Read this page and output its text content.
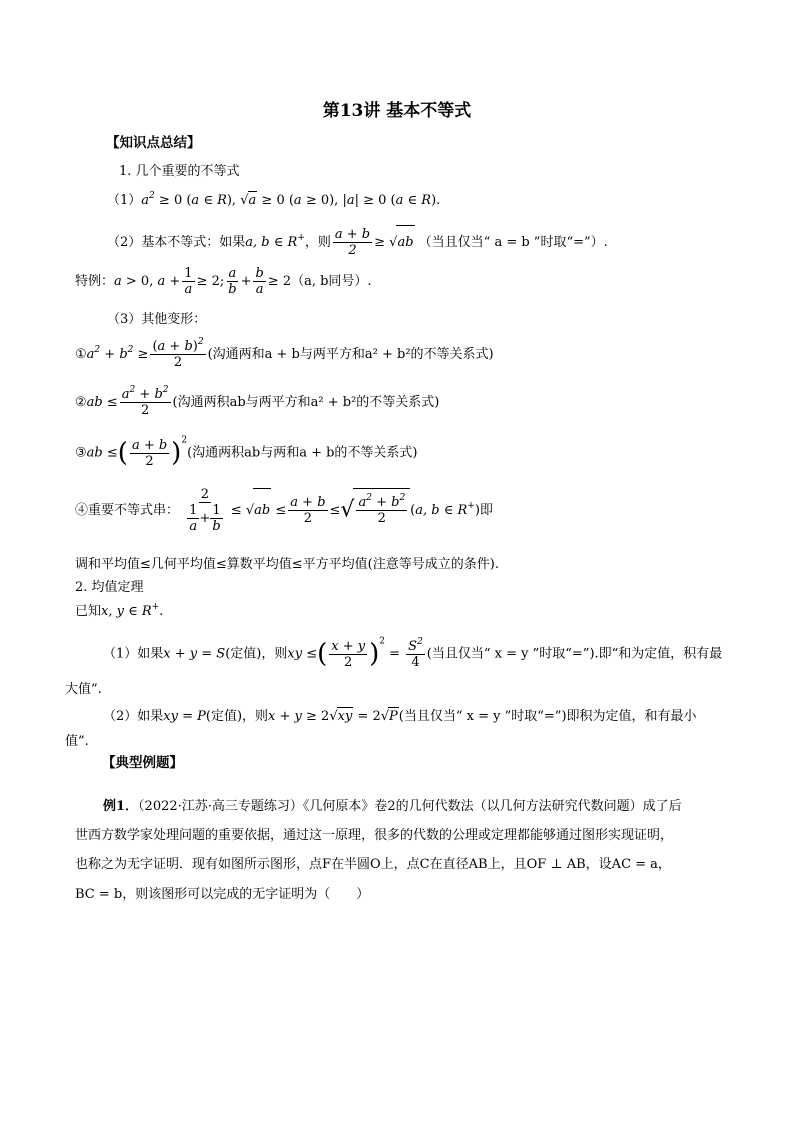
第13讲 基本不等式
【知识点总结】
1. 几个重要的不等式
$(1)a^2 \ge 0$ (a ∈ R), √a ≥ 0 (a ≥ 0), |a| ≥ 0 (a ∈ R).
（2）基本不等式：如果a, b ∈ R+，则 $\frac{a + b}{2} \ge √ab$ （当且仅当“ a = b ”时取“=”）.
特例：a > 0, $a + \frac{1}{a} \ge 2$; $\frac{a}{b} + \frac{b}{a} \ge 2(a$, b同号）.
（3）其他变形：
$①a^2 + b^2 \ge \frac{(a + b)^2}{2}$ (沟通两和a + b与两平方和a² + b²的不等关系式)
②ab ≤ $\frac{a^2 + b^2}{2}$ (沟通两积ab与两平方和a² + b²的不等关系式)
③ab ≤( $\frac{a + b}{2} )^2$(沟通两积ab与两和a + b的不等关系式)
④重要不等式串： $\frac{2}{\frac{1}{a} + \frac{1}{b}} \le √ab \le \frac{a + b}{2}$ ≤√ $\frac{a^2 + b^2}{2} (a$, b ∈ R+)即
调和平均值≤几何平均值≤算数平均值≤平方平均值(注意等号成立的条件).
2. 均值定理
已知x, y ∈ R+.
（1）如果x + y = S(定值)，则xy ≤( $\frac{x + y}{2} )^2 = \frac{S^2}{4}$ (当且仅当“ x = y ”时取“=”).即“和为定值，积有最
大值”.
（2）如果xy = P(定值)，则x + y ≥ 2√xy = 2√P(当且仅当“ x = y ”时取“=”)即积为定值，和有最小
值”.
【典型例题】
例1．（2022·江苏·高三专题练习）《几何原本》卷2的几何代数法（以几何方法研究代数问题）成了后
世西方数学家处理问题的重要依据，通过这一原理，很多的代数的公理或定理都能够通过图形实现证明，
也称之为无字证明．现有如图所示图形，点F在半圆O上，点C在直径AB上，且OF ⊥ AB，设AC = a，
BC = b，则该图形可以完成的无字证明为（　　）
